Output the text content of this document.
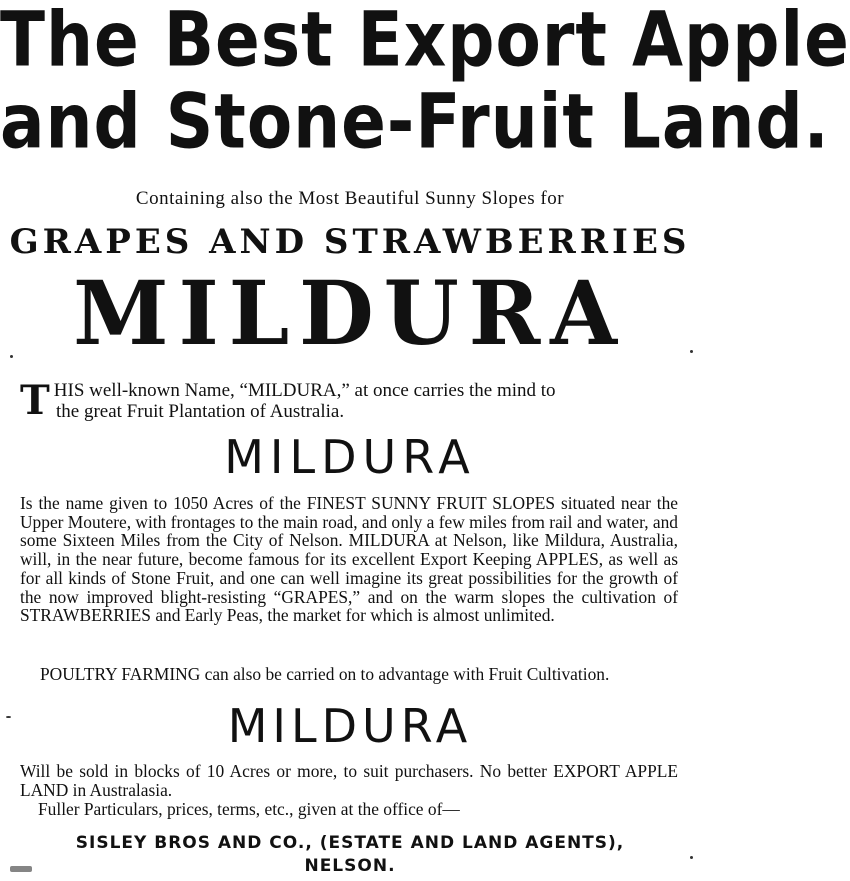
The Best Export Apple
and Stone-Fruit Land.
Containing also the Most Beautiful Sunny Slopes for
GRAPES AND STRAWBERRIES
MILDURA
T HIS well-known Name, “MILDURA,” at once carries the mind to
the great Fruit Plantation of Australia.
MILDURA

Is the name given to 1050 Acres of the FINEST SUNNY FRUIT SLOPES situated near the Upper Moutere, with frontages to the main road, and only a few miles from rail and water, and some Sixteen Miles from the City of Nelson. MILDURA at Nelson, like Mildura, Australia, will, in the near future, become famous for its excellent Export Keeping APPLES, as well as for all kinds of Stone Fruit, and one can well imagine its great possibilities for the growth of the now improved blight-resisting “GRAPES,” and on the warm slopes the cultivation of STRAWBERRIES and Early Peas, the market for which is almost unlimited.

POULTRY FARMING can also be carried on to advantage with Fruit Cultivation.
MILDURA
Will be sold in blocks of 10 Acres or more, to suit purchasers. No better EXPORT APPLE LAND in Australasia.
Fuller Particulars, prices, terms, etc., given at the office of—
SISLEY BROS AND CO., (ESTATE AND LAND AGENTS),
NELSON.
